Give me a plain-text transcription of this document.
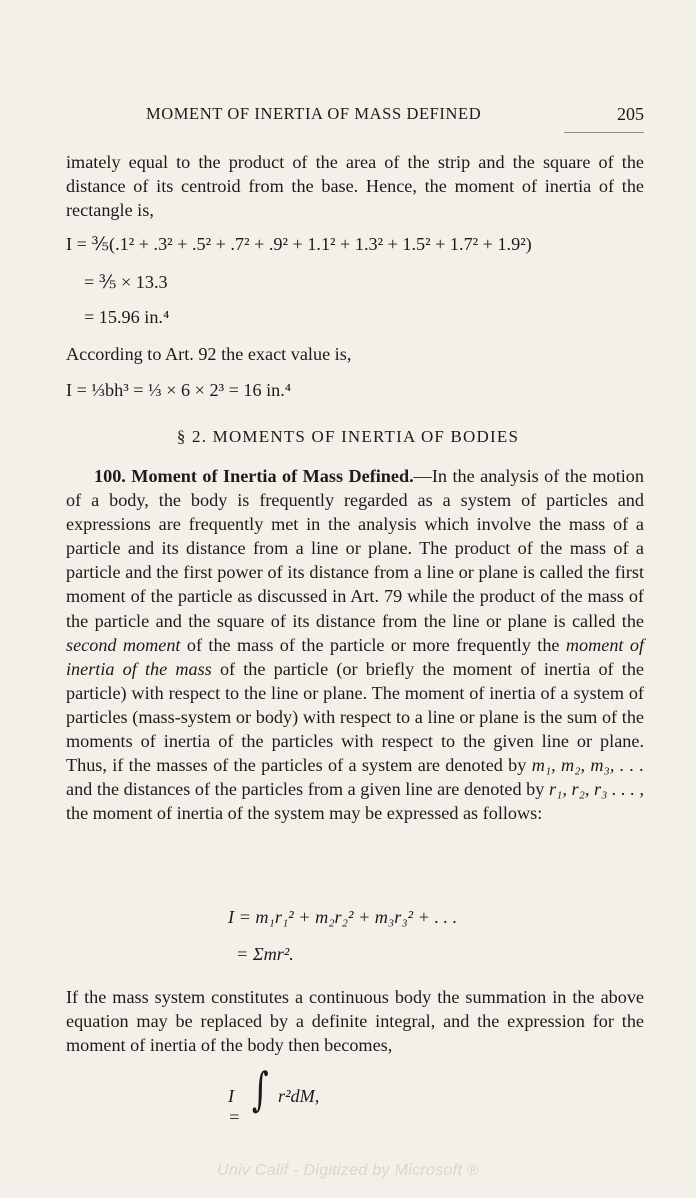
MOMENT OF INERTIA OF MASS DEFINED	205

imately equal to the product of the area of the strip and the square of the distance of its centroid from the base. Hence, the moment of inertia of the rectangle is,

I = ⅗(.1² + .3² + .5² + .7² + .9² + 1.1² + 1.3² + 1.5² + 1.7² + 1.9²)
= ⅗ × 13.3
= 15.96 in.⁴

According to Art. 92 the exact value is,

I = ⅓bh³ = ⅓ × 6 × 2³ = 16 in.⁴
§ 2. MOMENTS OF INERTIA OF BODIES

100. Moment of Inertia of Mass Defined.—In the analysis of the motion of a body, the body is frequently regarded as a system of particles and expressions are frequently met in the analysis which involve the mass of a particle and its distance from a line or plane. The product of the mass of a particle and the first power of its distance from a line or plane is called the first moment of the particle as discussed in Art. 79 while the product of the mass of the particle and the square of its distance from the line or plane is called the second moment of the mass of the particle or more frequently the moment of inertia of the mass of the particle (or briefly the moment of inertia of the particle) with respect to the line or plane. The moment of inertia of a system of particles (mass-system or body) with respect to a line or plane is the sum of the moments of inertia of the particles with respect to the given line or plane. Thus, if the masses of the particles of a system are denoted by m₁, m₂, m₃, . . . and the distances of the particles from a given line are denoted by r₁, r₂, r₃ . . . , the moment of inertia of the system may be expressed as follows:

I = m₁r₁² + m₂r₂² + m₃r₃² + . . .
= Σmr².

If the mass system constitutes a continuous body the summation in the above equation may be replaced by a definite integral, and the expression for the moment of inertia of the body then becomes,

I =
∫ r²dM,
Univ Calif - Digitized by Microsoft ®
